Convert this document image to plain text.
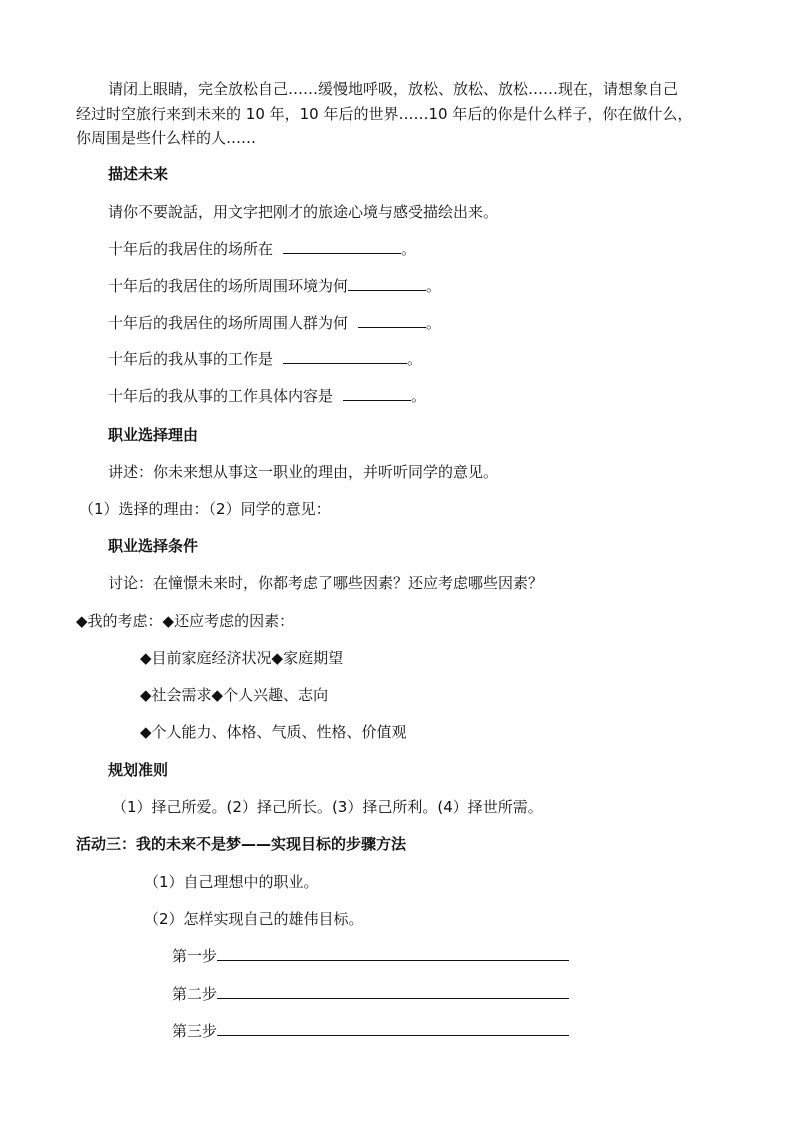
请闭上眼睛，完全放松自己……缓慢地呼吸，放松、放松、放松……现在，请想象自己
经过时空旅行来到未来的 10 年，10 年后的世界……10 年后的你是什么样子，你在做什么，
你周围是些什么样的人……
描述未来
请你不要說話，用文字把刚才的旅途心境与感受描绘出来。
十年后的我居住的场所在	。
十年后的我居住的场所周围环境为何	。
十年后的我居住的场所周围人群为何	。
十年后的我从事的工作是	。
十年后的我从事的工作具体内容是	。
职业选择理由
讲述：你未来想从事这一职业的理由，并听听同学的意见。
（1）选择的理由：（2）同学的意见：
职业选择条件
讨论：在憧憬未来时，你都考虑了哪些因素？还应考虑哪些因素？
◆我的考虑：◆还应考虑的因素：
◆目前家庭经济状况◆家庭期望
◆社会需求◆个人兴趣、志向
◆个人能力、体格、气质、性格、价值观
规划准则
（1）择己所爱。(2）择己所长。(3）择己所利。(4）择世所需。
活动三：我的未来不是梦——实现目标的步骤方法
（1）自己理想中的职业。
（2）怎样实现自己的雄伟目标。
第一步
第二步
第三步
